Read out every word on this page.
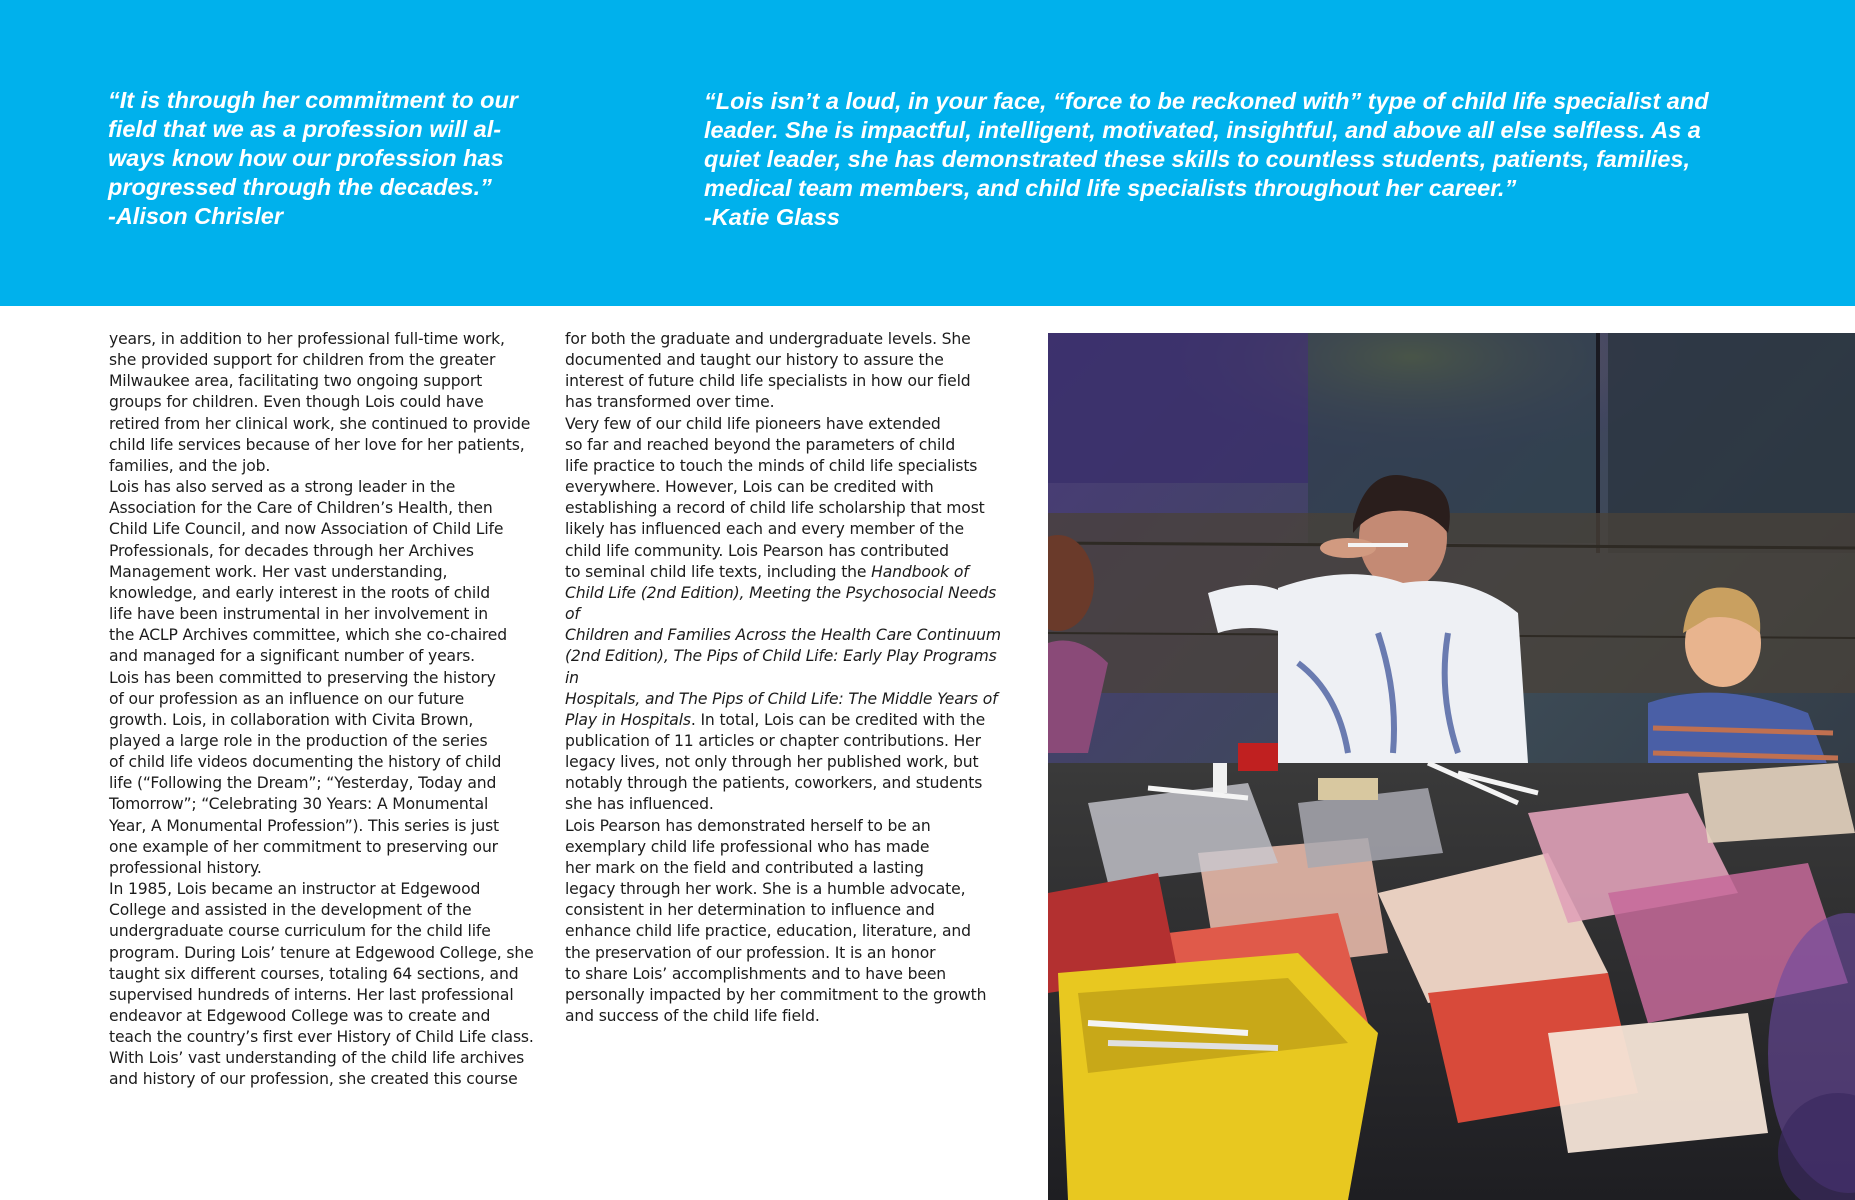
“It is through her commitment to our
field that we as a profession will al-
ways know how our profession has
progressed through the decades.”

-Alison Chrisler

“Lois isn’t a loud, in your face, “force to be reckoned with” type of child life specialist and
leader. She is impactful, intelligent, motivated, insightful, and above all else selfless. As a
quiet leader, she has demonstrated these skills to countless students, patients, families,
medical team members, and child life specialists throughout her career.”

-Katie Glass

years, in addition to her professional full-time work,
she provided support for children from the greater
Milwaukee area, facilitating two ongoing support
groups for children. Even though Lois could have
retired from her clinical work, she continued to provide
child life services because of her love for her patients,
families, and the job.
Lois has also served as a strong leader in the
Association for the Care of Children’s Health, then
Child Life Council, and now Association of Child Life
Professionals, for decades through her Archives
Management work. Her vast understanding,
knowledge, and early interest in the roots of child
life have been instrumental in her involvement in
the ACLP Archives committee, which she co-chaired
and managed for a significant number of years.
Lois has been committed to preserving the history
of our profession as an influence on our future
growth. Lois, in collaboration with Civita Brown,
played a large role in the production of the series
of child life videos documenting the history of child
life (“Following the Dream”; “Yesterday, Today and
Tomorrow”; “Celebrating 30 Years: A Monumental
Year, A Monumental Profession”). This series is just
one example of her commitment to preserving our
professional history.
In 1985, Lois became an instructor at Edgewood
College and assisted in the development of the
undergraduate course curriculum for the child life
program. During Lois’ tenure at Edgewood College, she
taught six different courses, totaling 64 sections, and
supervised hundreds of interns. Her last professional
endeavor at Edgewood College was to create and
teach the country’s first ever History of Child Life class.
With Lois’ vast understanding of the child life archives
and history of our profession, she created this course

for both the graduate and undergraduate levels. She
documented and taught our history to assure the
interest of future child life specialists in how our field
has transformed over time.
Very few of our child life pioneers have extended
so far and reached beyond the parameters of child
life practice to touch the minds of child life specialists
everywhere. However, Lois can be credited with
establishing a record of child life scholarship that most
likely has influenced each and every member of the
child life community. Lois Pearson has contributed
to seminal child life texts, including the Handbook of
Child Life (2nd Edition), Meeting the Psychosocial Needs of
Children and Families Across the Health Care Continuum
(2nd Edition), The Pips of Child Life: Early Play Programs in
Hospitals, and The Pips of Child Life: The Middle Years of
Play in Hospitals. In total, Lois can be credited with the
publication of 11 articles or chapter contributions. Her
legacy lives, not only through her published work, but
notably through the patients, coworkers, and students
she has influenced.
Lois Pearson has demonstrated herself to be an
exemplary child life professional who has made
her mark on the field and contributed a lasting
legacy through her work. She is a humble advocate,
consistent in her determination to influence and
enhance child life practice, education, literature, and
the preservation of our profession. It is an honor
to share Lois’ accomplishments and to have been
personally impacted by her commitment to the growth
and success of the child life field.
